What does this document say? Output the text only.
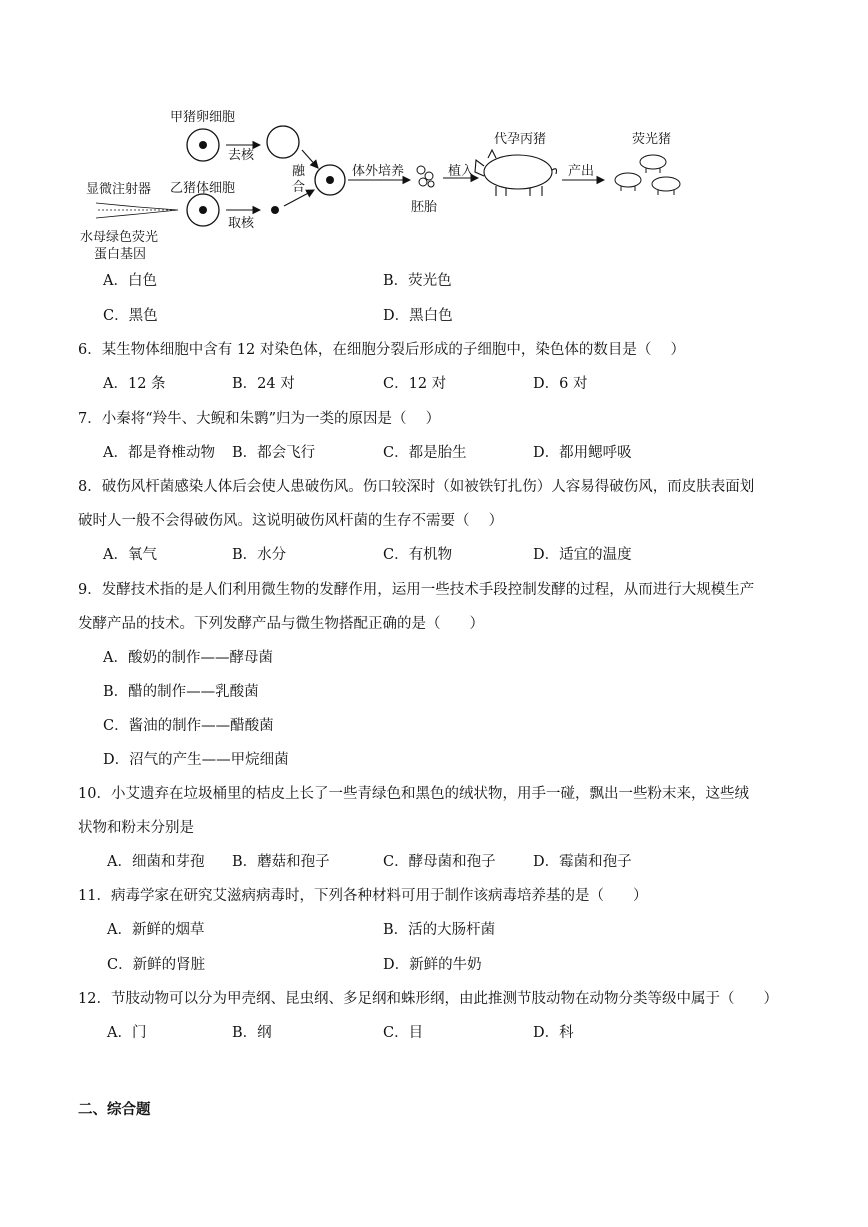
甲猪卵细胞
去核
显微注射器 乙猪体细胞
取核
水母绿色荧光
蛋白基因
融
合
体外培养
胚胎
植入
代孕丙猪
产出
荧光猪
A．白色	B．荧光色
C．黑色	D．黑白色
6．某生物体细胞中含有 12 对染色体，在细胞分裂后形成的子细胞中，染色体的数目是（　 ）
A．12 条	B．24 对	C．12 对	D．6 对
7．小秦将“羚牛、大鲵和朱鹮”归为一类的原因是（　 ）
A．都是脊椎动物 B．都会飞行	C．都是胎生	D．都用鳃呼吸
8．破伤风杆菌感染人体后会使人患破伤风。伤口较深时（如被铁钉扎伤）人容易得破伤风，而皮肤表面划
破时人一般不会得破伤风。这说明破伤风杆菌的生存不需要（　 ）
A．氧气	B．水分	C．有机物	D．适宜的温度
9．发酵技术指的是人们利用微生物的发酵作用，运用一些技术手段控制发酵的过程，从而进行大规模生产
发酵产品的技术。下列发酵产品与微生物搭配正确的是（　　）
A．酸奶的制作——酵母菌
B．醋的制作——乳酸菌
C．酱油的制作——醋酸菌
D．沼气的产生——甲烷细菌
10．小艾遗弃在垃圾桶里的桔皮上长了一些青绿色和黑色的绒状物，用手一碰，飘出一些粉末来，这些绒
状物和粉末分别是
A．细菌和芽孢 B．蘑菇和孢子	C．酵母菌和孢子	D．霉菌和孢子
11．病毒学家在研究艾滋病病毒时，下列各种材料可用于制作该病毒培养基的是（　　）
A．新鲜的烟草	B．活的大肠杆菌
C．新鲜的肾脏	D．新鲜的牛奶
12．节肢动物可以分为甲壳纲、昆虫纲、多足纲和蛛形纲，由此推测节肢动物在动物分类等级中属于（　　）
A．门	B．纲	C．目	D．科
二、综合题
